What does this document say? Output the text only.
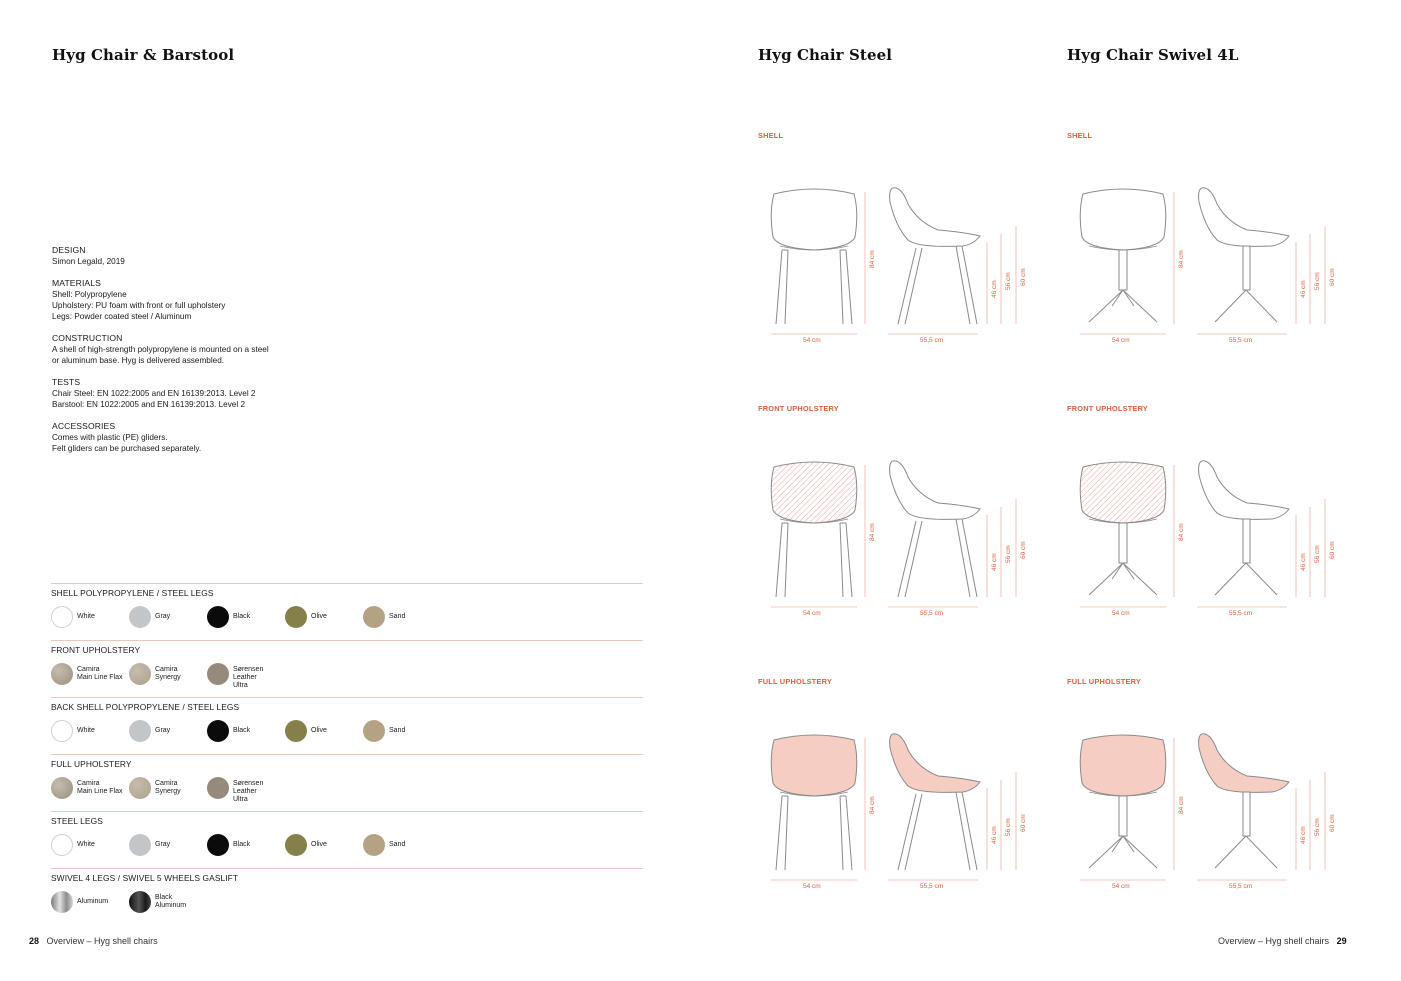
Hyg Chair & Barstool
DESIGN
Simon Legald, 2019
MATERIALS
Shell: Polypropylene
Upholstery: PU foam with front or full upholstery
Legs: Powder coated steel / Aluminum
CONSTRUCTION
A shell of high-strength polypropylene is mounted on a steel
or aluminum base. Hyg is delivered assembled.
TESTS
Chair Steel: EN 1022:2005 and EN 16139:2013. Level 2
Barstool: EN 1022:2005 and EN 16139:2013. Level 2
ACCESSORIES
Comes with plastic (PE) gliders.
Felt gliders can be purchased separately.
SHELL POLYPROPYLENE / STEEL LEGS
White	Gray	Black	Olive	Sand
FRONT UPHOLSTERY
Camira
Main Line Flax
Camira
Synergy
Sørensen Leather
Ultra
BACK SHELL POLYPROPYLENE / STEEL LEGS
White	Gray	Black	Olive	Sand
FULL UPHOLSTERY
Camira
Main Line Flax
Camira
Synergy
Sørensen Leather
Ultra
STEEL LEGS
White	Gray	Black	Olive	Sand
SWIVEL 4 LEGS / SWIVEL 5 WHEELS GASLIFT
Aluminum
Black
Aluminum
28 Overview – Hyg shell chairs
Hyg Chair Steel	Hyg Chair Swivel 4L
SHELL
54 cm	55,5 cm
84 cm
46 cm 56 cm 60 cm
FRONT UPHOLSTERY
54 cm	55,5 cm
84 cm
46 cm 56 cm 60 cm
FULL UPHOLSTERY
54 cm	55,5 cm
84 cm
46 cm 56 cm 60 cm
SHELL
54 cm	55,5 cm
84 cm
46 cm 56 cm 60 cm
FRONT UPHOLSTERY
54 cm	55,5 cm
84 cm
46 cm 56 cm 60 cm
FULL UPHOLSTERY
54 cm	55,5 cm
84 cm
46 cm 56 cm 60 cm
Overview – Hyg shell chairs 29
